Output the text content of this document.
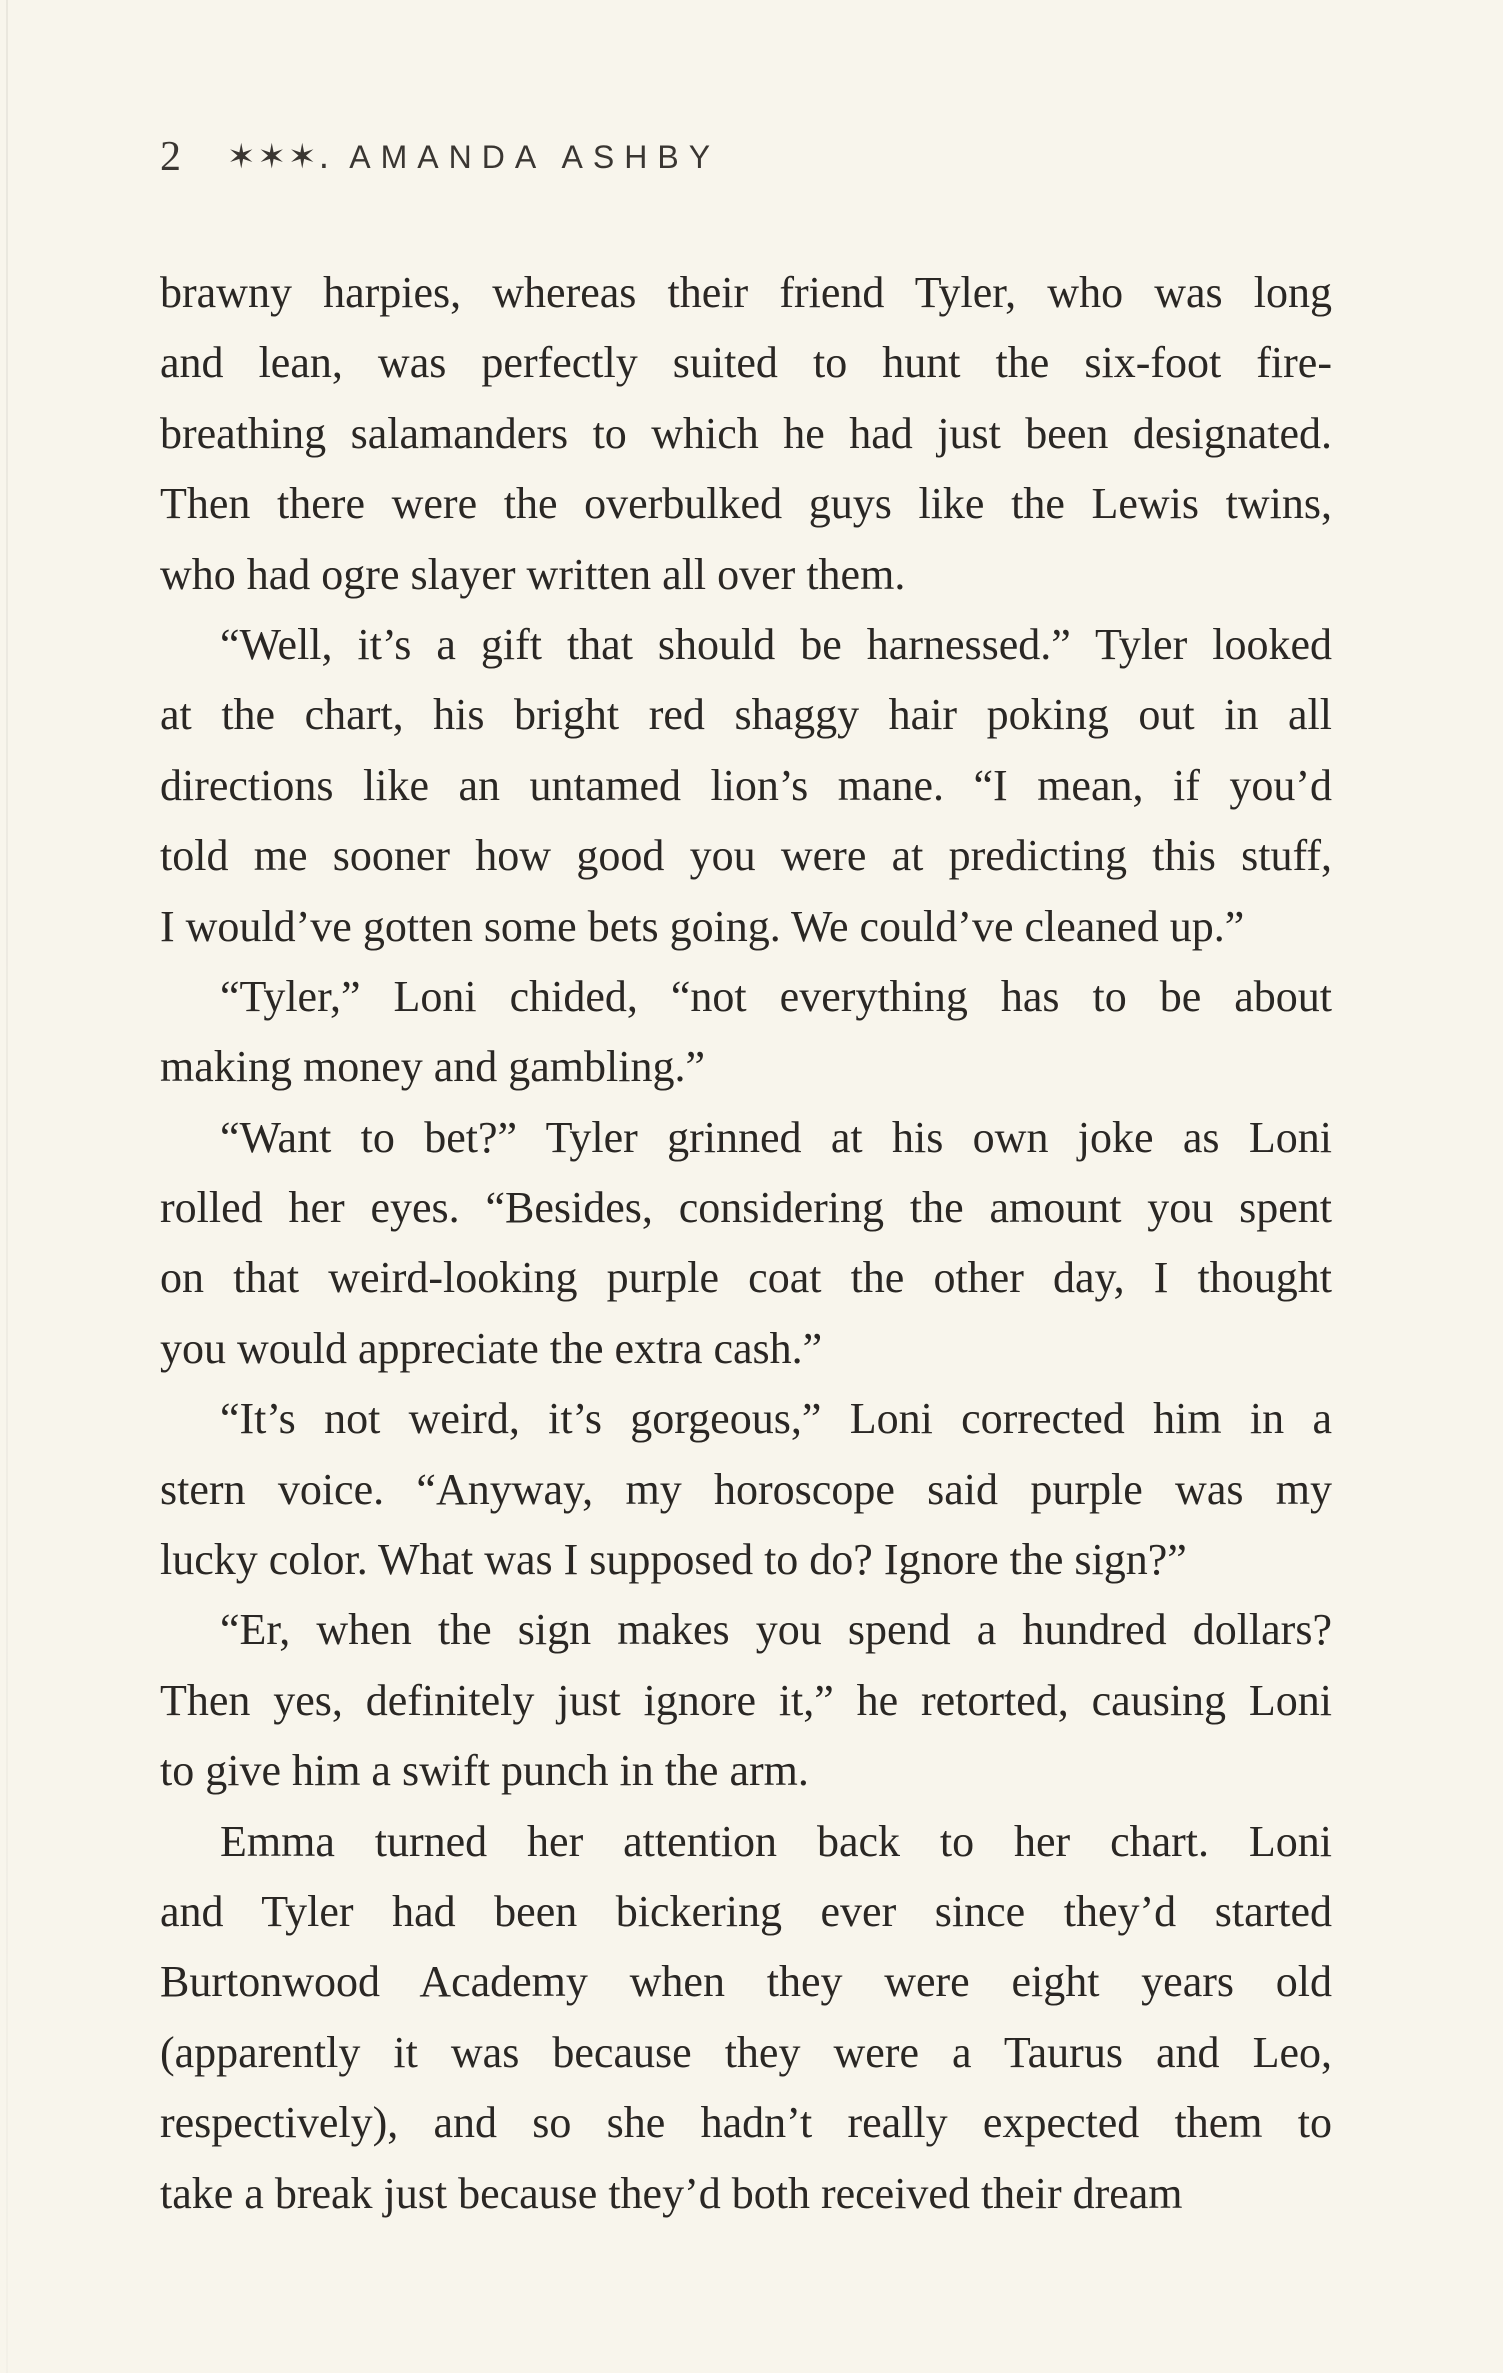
2 ✶✶✶. AMANDA ASHBY
brawny harpies, whereas their friend Tyler, who was long
and lean, was perfectly suited to hunt the six-foot fire-
breathing salamanders to which he had just been designated.
Then there were the overbulked guys like the Lewis twins,
who had ogre slayer written all over them.
“Well, it’s a gift that should be harnessed.” Tyler looked
at the chart, his bright red shaggy hair poking out in all
directions like an untamed lion’s mane. “I mean, if you’d
told me sooner how good you were at predicting this stuff,
I would’ve gotten some bets going. We could’ve cleaned up.”
“Tyler,” Loni chided, “not everything has to be about
making money and gambling.”
“Want to bet?” Tyler grinned at his own joke as Loni
rolled her eyes. “Besides, considering the amount you spent
on that weird-looking purple coat the other day, I thought
you would appreciate the extra cash.”
“It’s not weird, it’s gorgeous,” Loni corrected him in a
stern voice. “Anyway, my horoscope said purple was my
lucky color. What was I supposed to do? Ignore the sign?”
“Er, when the sign makes you spend a hundred dollars?
Then yes, definitely just ignore it,” he retorted, causing Loni
to give him a swift punch in the arm.
Emma turned her attention back to her chart. Loni
and Tyler had been bickering ever since they’d started
Burtonwood Academy when they were eight years old
(apparently it was because they were a Taurus and Leo,
respectively), and so she hadn’t really expected them to
take a break just because they’d both received their dream
